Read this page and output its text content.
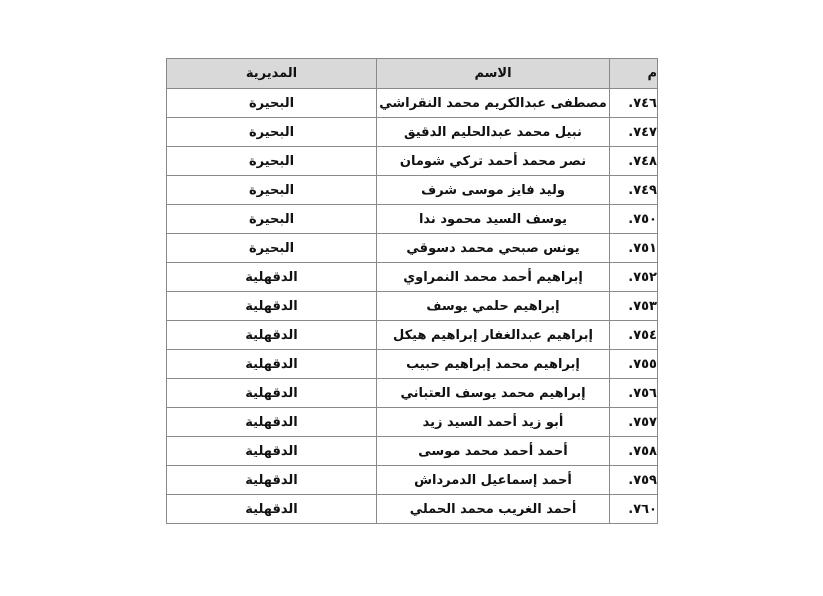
م	الاسم	المديرية
٧٤٦.	مصطفى عبدالكريم محمد النقراشي	البحيرة
٧٤٧.	نبيل محمد عبدالحليم الدقيق	البحيرة
٧٤٨.	نصر محمد أحمد تركي شومان	البحيرة
٧٤٩.	وليد فايز موسى شرف	البحيرة
٧٥٠.	يوسف السيد محمود ندا	البحيرة
٧٥١.	يونس صبحي محمد دسوقي	البحيرة
٧٥٢.	إبراهيم أحمد محمد النمراوي	الدقهلية
٧٥٣.	إبراهيم حلمي يوسف	الدقهلية
٧٥٤.	إبراهيم عبدالغفار إبراهيم هيكل	الدقهلية
٧٥٥.	إبراهيم محمد إبراهيم حبيب	الدقهلية
٧٥٦.	إبراهيم محمد يوسف العتباني	الدقهلية
٧٥٧.	أبو زيد أحمد السيد زيد	الدقهلية
٧٥٨.	أحمد أحمد محمد موسى	الدقهلية
٧٥٩.	أحمد إسماعيل الدمرداش	الدقهلية
٧٦٠.	أحمد الغريب محمد الحملي	الدقهلية
